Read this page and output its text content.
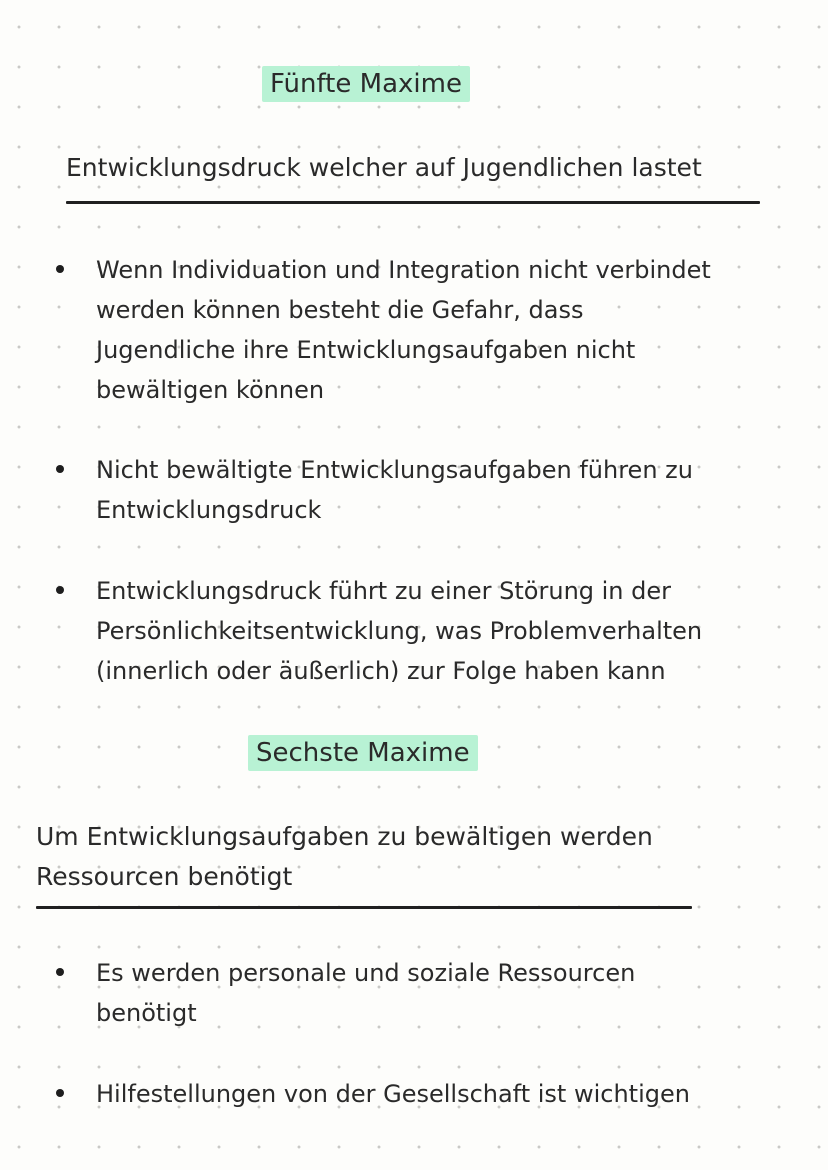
Fünfte Maxime
Entwicklungsdruck welcher auf Jugendlichen lastet
Wenn Individuation und Integration nicht verbindet
werden können besteht die Gefahr, dass
Jugendliche ihre Entwicklungsaufgaben nicht
bewältigen können
Nicht bewältigte Entwicklungsaufgaben führen zu
Entwicklungsdruck
Entwicklungsdruck führt zu einer Störung in der
Persönlichkeitsentwicklung, was Problemverhalten
(innerlich oder äußerlich) zur Folge haben kann
Sechste Maxime
Um Entwicklungsaufgaben zu bewältigen werden
Ressourcen benötigt
Es werden personale und soziale Ressourcen
benötigt
Hilfestellungen von der Gesellschaft ist wichtigen
